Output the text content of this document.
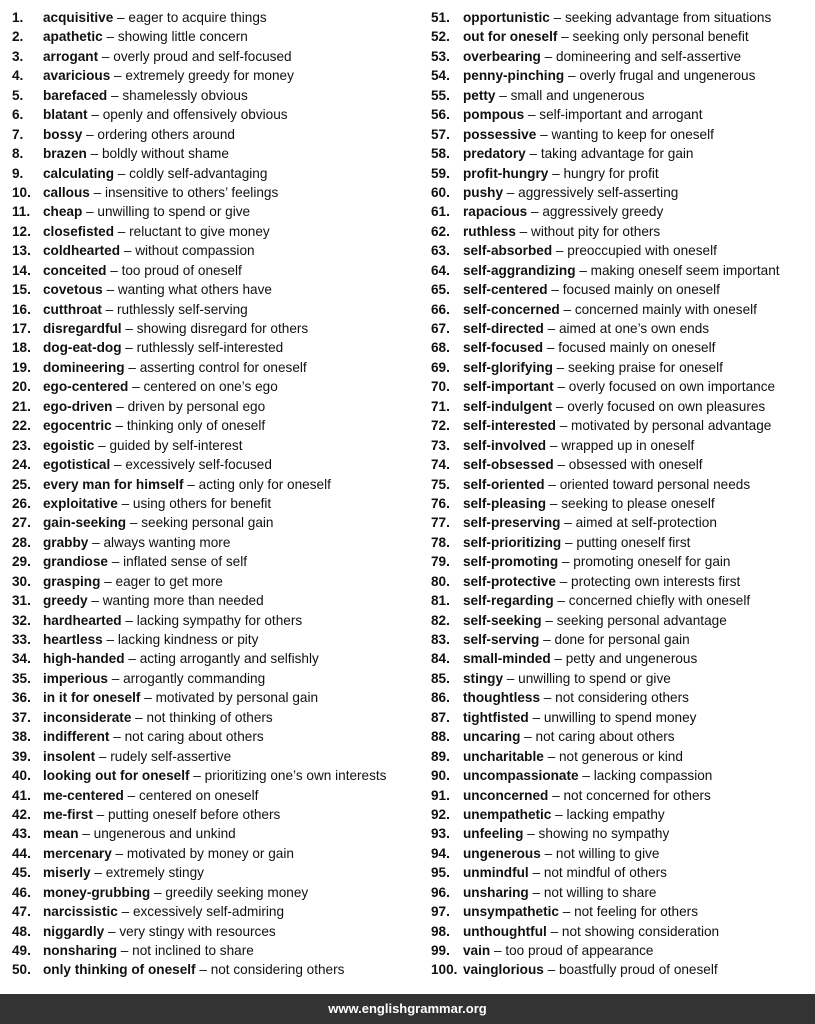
1. acquisitive – eager to acquire things
2. apathetic – showing little concern
3. arrogant – overly proud and self-focused
4. avaricious – extremely greedy for money
5. barefaced – shamelessly obvious
6. blatant – openly and offensively obvious
7. bossy – ordering others around
8. brazen – boldly without shame
9. calculating – coldly self-advantaging
10. callous – insensitive to others’ feelings
11. cheap – unwilling to spend or give
12. closefisted – reluctant to give money
13. coldhearted – without compassion
14. conceited – too proud of oneself
15. covetous – wanting what others have
16. cutthroat – ruthlessly self-serving
17. disregardful – showing disregard for others
18. dog-eat-dog – ruthlessly self-interested
19. domineering – asserting control for oneself
20. ego-centered – centered on one’s ego
21. ego-driven – driven by personal ego
22. egocentric – thinking only of oneself
23. egoistic – guided by self-interest
24. egotistical – excessively self-focused
25. every man for himself – acting only for oneself
26. exploitative – using others for benefit
27. gain-seeking – seeking personal gain
28. grabby – always wanting more
29. grandiose – inflated sense of self
30. grasping – eager to get more
31. greedy – wanting more than needed
32. hardhearted – lacking sympathy for others
33. heartless – lacking kindness or pity
34. high-handed – acting arrogantly and selfishly
35. imperious – arrogantly commanding
36. in it for oneself – motivated by personal gain
37. inconsiderate – not thinking of others
38. indifferent – not caring about others
39. insolent – rudely self-assertive
40. looking out for oneself – prioritizing one’s own interests
41. me-centered – centered on oneself
42. me-first – putting oneself before others
43. mean – ungenerous and unkind
44. mercenary – motivated by money or gain
45. miserly – extremely stingy
46. money-grubbing – greedily seeking money
47. narcissistic – excessively self-admiring
48. niggardly – very stingy with resources
49. nonsharing – not inclined to share
50. only thinking of oneself – not considering others
51. opportunistic – seeking advantage from situations
52. out for oneself – seeking only personal benefit
53. overbearing – domineering and self-assertive
54. penny-pinching – overly frugal and ungenerous
55. petty – small and ungenerous
56. pompous – self-important and arrogant
57. possessive – wanting to keep for oneself
58. predatory – taking advantage for gain
59. profit-hungry – hungry for profit
60. pushy – aggressively self-asserting
61. rapacious – aggressively greedy
62. ruthless – without pity for others
63. self-absorbed – preoccupied with oneself
64. self-aggrandizing – making oneself seem important
65. self-centered – focused mainly on oneself
66. self-concerned – concerned mainly with oneself
67. self-directed – aimed at one’s own ends
68. self-focused – focused mainly on oneself
69. self-glorifying – seeking praise for oneself
70. self-important – overly focused on own importance
71. self-indulgent – overly focused on own pleasures
72. self-interested – motivated by personal advantage
73. self-involved – wrapped up in oneself
74. self-obsessed – obsessed with oneself
75. self-oriented – oriented toward personal needs
76. self-pleasing – seeking to please oneself
77. self-preserving – aimed at self-protection
78. self-prioritizing – putting oneself first
79. self-promoting – promoting oneself for gain
80. self-protective – protecting own interests first
81. self-regarding – concerned chiefly with oneself
82. self-seeking – seeking personal advantage
83. self-serving – done for personal gain
84. small-minded – petty and ungenerous
85. stingy – unwilling to spend or give
86. thoughtless – not considering others
87. tightfisted – unwilling to spend money
88. uncaring – not caring about others
89. uncharitable – not generous or kind
90. uncompassionate – lacking compassion
91. unconcerned – not concerned for others
92. unempathetic – lacking empathy
93. unfeeling – showing no sympathy
94. ungenerous – not willing to give
95. unmindful – not mindful of others
96. unsharing – not willing to share
97. unsympathetic – not feeling for others
98. unthoughtful – not showing consideration
99. vain – too proud of appearance
100. vainglorious – boastfully proud of oneself
www.englishgrammar.org
